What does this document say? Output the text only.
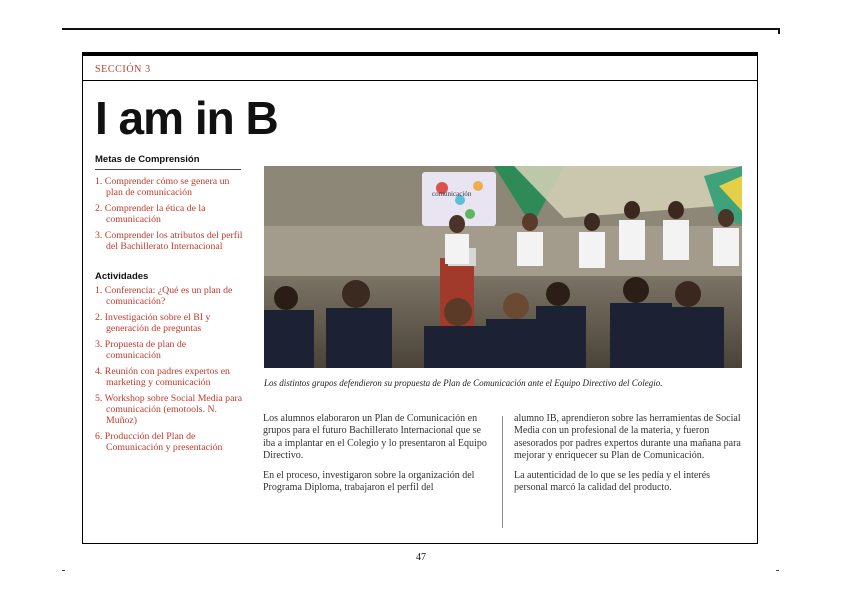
SECCIÓN 3
I am in B
Metas de Comprensión
1. Comprender cómo se genera un plan de comunicación
2. Comprender la ética de la comunicación
3. Comprender los atributos del perfil del Bachillerato Internacional
Actividades
1. Conferencia: ¿Qué es un plan de comunicación?
2. Investigación sobre el BI y generación de preguntas
3. Propuesta de plan de comunicación
4. Reunión con padres expertos en marketing y comunicación
5. Workshop sobre Social Media para comunicación (emotools. N. Muñoz)
6. Producción del Plan de Comunicación y presentación
comunicación
Los distintos grupos defendieron su propuesta de Plan de Comunicación ante el Equipo Directivo del Colegio.

Los alumnos elaboraron un Plan de Comunicación en grupos para el futuro Bachillerato Internacional que se iba a implantar en el Colegio y lo presentaron al Equipo Directivo.

En el proceso, investigaron sobre la organización del Programa Diploma, trabajaron el perfil del

alumno IB, aprendieron sobre las herramientas de Social Media con un profesional de la materia, y fueron asesorados por padres expertos durante una mañana para mejorar y enriquecer su Plan de Comunicación.

La autenticidad de lo que se les pedía y el interés personal marcó la calidad del producto.

47
